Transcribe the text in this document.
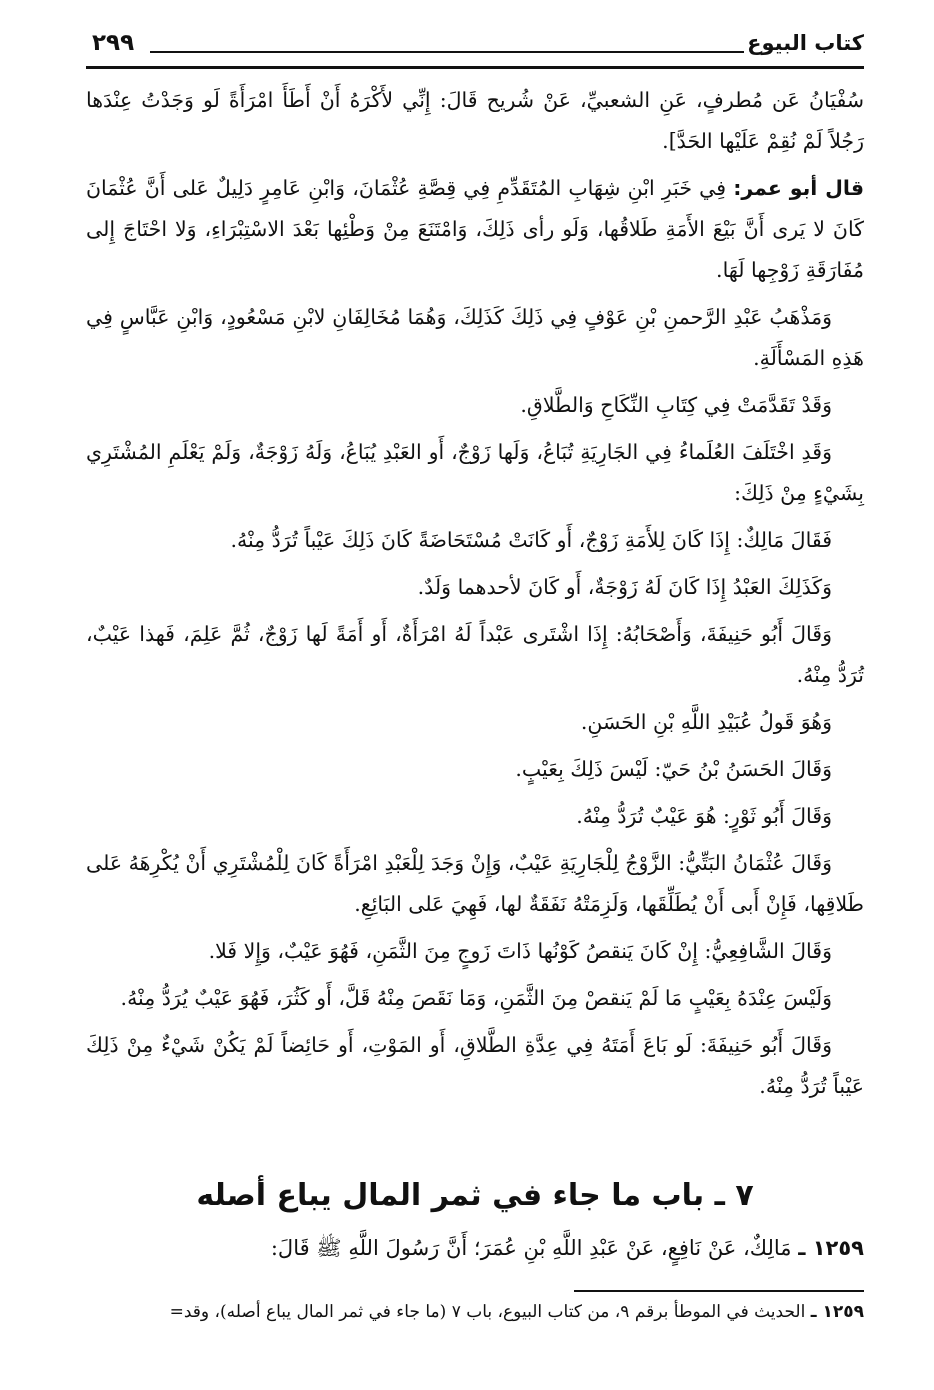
كتاب البيوع
٢٩٩

سُفْيَانُ عَن مُطرفٍ، عَنِ الشعبيِّ، عَنْ شُريح قَالَ: إِنِّي لأَكْرَهُ أَنْ أَطَأَ امْرَأَةً لَو وَجَدْتُ عِنْدَها رَجُلاً لَمْ نُقِمْ عَلَيْها الحَدَّ].

قال أبو عمر: فِي خَبَرِ ابْنِ شِهَابِ المُتَقَدِّمِ فِي قِصَّةِ عُثْمَانَ، وَابْنِ عَامِرٍ دَلِيلٌ عَلى أَنَّ عُثْمَانَ كَانَ لا يَرى أَنَّ بَيْعَ الأَمَةِ طَلاقُها، وَلَو رأى ذَلِكَ، وَامْتَنَعَ مِنْ وَطْئِها بَعْدَ الاسْتِبْرَاءِ، وَلا احْتَاجَ إِلى مُفَارَقَةِ زَوْجِها لَهَا.

وَمَذْهَبُ عَبْدِ الرَّحمنِ بْنِ عَوْفٍ فِي ذَلِكَ كَذَلِكَ، وَهُمَا مُخَالِفَانِ لابْنِ مَسْعُودٍ، وَابْنِ عَبَّاسٍ فِي هَذِهِ المَسْأَلَةِ.

وَقَدْ تَقَدَّمَتْ فِي كِتَابِ النِّكَاحِ وَالطَّلاقِ.

وَقَدِ اخْتَلَفَ العُلَماءُ فِي الجَارِيَةِ تُبَاعُ، وَلَها زَوْجٌ، أَو العَبْدِ يُبَاعُ، وَلَهُ زَوْجَةٌ، وَلَمْ يَعْلَمِ المُشْتَرِي بِشَيْءٍ مِنْ ذَلِكَ:

فَقَالَ مَالِكٌ: إِذَا كَانَ لِلأَمَةِ زَوْجٌ، أَو كَانَتْ مُسْتَحَاضَةً كَانَ ذَلِكَ عَيْباً تُرَدُّ مِنْهُ.

وَكَذَلِكَ العَبْدُ إِذَا كَانَ لَهُ زَوْجَةٌ، أَو كَانَ لأحدهما وَلَدٌ.

وَقَالَ أَبُو حَنِيفَةَ، وَأَصْحَابُهُ: إِذَا اشْتَرى عَبْداً لَهُ امْرَأَةٌ، أَو أَمَةً لَها زَوْجٌ، ثُمَّ عَلِمَ، فَهذا عَيْبٌ، تُرَدُّ مِنْهُ.

وَهُوَ قَولُ عُبَيْدِ اللَّهِ بْنِ الحَسَنِ.

وَقَالَ الحَسَنُ بْنُ حَيّ: لَيْسَ ذَلِكَ بِعَيْبٍ.

وَقَالَ أَبُو ثَوْرٍ: هُوَ عَيْبٌ تُرَدُّ مِنْهُ.

وَقَالَ عُثْمَانُ البَتِّيُّ: الزَّوْجُ لِلْجَارِيَةِ عَيْبٌ، وَإِنْ وَجَدَ لِلْعَبْدِ امْرَأَةً كَانَ لِلْمُشْتَرِي أَنْ يُكْرِهَهُ عَلى طَلاقِها، فَإِنْ أَبى أَنْ يُطَلِّقَها، وَلَزِمَتْهُ نَفَقَةٌ لها، فَهِيَ عَلى البَائِعِ.

وَقَالَ الشَّافِعِيُّ: إِنْ كَانَ يَنقصُ كَوْنُها ذَاتَ زَوجٍ مِنَ الثَّمَنِ، فَهُوَ عَيْبٌ، وَإِلا فَلا.

وَلَيْسَ عِنْدَهُ بِعَيْبٍ مَا لَمْ يَنقصْ مِنَ الثَّمَنِ، وَمَا نَقَصَ مِنْهُ قَلَّ، أَو كَثُرَ، فَهُوَ عَيْبٌ يُرَدُّ مِنْهُ.

وَقَالَ أَبُو حَنِيفَةَ: لَو بَاعَ أَمَتَهُ فِي عِدَّةِ الطَّلاقِ، أَو المَوْتِ، أَو حَائِضاً لَمْ يَكُنْ شَيْءٌ مِنْ ذَلِكَ عَيْباً تُرَدُّ مِنْهُ.

٧ ـ باب ما جاء في ثمر المال يباع أصله
١٢٥٩ ـ مَالِكٌ، عَنْ نَافِعٍ، عَنْ عَبْدِ اللَّهِ بْنِ عُمَرَ؛ أَنَّ رَسُولَ اللَّهِ ﷺ قَالَ:
١٢٥٩ ـ الحديث في الموطأ برقم ٩، من كتاب البيوع، باب ٧ (ما جاء في ثمر المال يباع أصله)، وقد=
